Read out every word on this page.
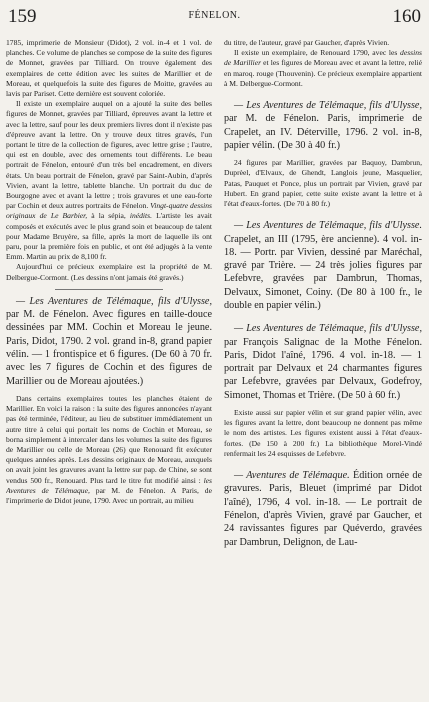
159	FÉNELON.	160

1785, imprimerie de Monsieur (Didot), 2 vol. in-4 et 1 vol. de planches. Ce volume de planches se compose de la suite des figures de Monnet, gravées par Tilliard. On trouve également des exemplaires de cette édition avec les suites de Marillier et de Moreau, et quelquefois la suite des figures de Moitte, gravées au lavis par Pariset. Cette dernière est souvent coloriée.

Il existe un exemplaire auquel on a ajouté la suite des belles figures de Monnet, gravées par Tilliard, épreuves avant la lettre et avec la lettre, sauf pour les deux premiers livres dont il n'existe pas d'épreuve avant la lettre. On y trouve deux titres gravés, l'un portant le titre de la collection de figures, avec lettre grise ; l'autre, qui est en double, avec des ornements tout différents. Le beau portrait de Fénelon, entouré d'un très bel encadrement, en divers états. Un beau portrait de Fénelon, gravé par Saint-Aubin, d'après Vivien, avant la lettre, tablette blanche. Un portrait du duc de Bourgogne avec et avant la lettre ; trois gravures et une eau-forte par Cochin et deux autres portraits de Fénelon. Vingt-quatre dessins originaux de Le Barbier, à la sépia, inédits. L'artiste les avait composés et exécutés avec le plus grand soin et beaucoup de talent pour Madame Bruyère, sa fille, après la mort de laquelle ils ont paru, pour la première fois en public, et ont été adjugés à la vente Emm. Martin au prix de 8,100 fr.

Aujourd'hui ce précieux exemplaire est la propriété de M. Delbergue-Cormont. (Les dessins n'ont jamais été gravés.)

— Les Aventures de Télémaque, fils d'Ulysse, par M. de Fénelon. Avec figures en taille-douce dessinées par MM. Cochin et Moreau le jeune. Paris, Didot, 1790. 2 vol. grand in-8, grand papier vélin. — 1 frontispice et 6 figures. (De 60 à 70 fr. avec les 7 figures de Cochin et des figures de Marillier ou de Moreau ajoutées.)

Dans certains exemplaires toutes les planches étaient de Marillier. En voici la raison : la suite des figures annoncées n'ayant pas été terminée, l'éditeur, au lieu de substituer immédiatement un autre titre à celui qui portait les noms de Cochin et Moreau, se borna simplement à intercaler dans les volumes la suite des figures de Marillier ou celle de Moreau (26) que Renouard fit exécuter quelques années après. Les dessins originaux de Moreau, auxquels on avait joint les gravures avant la lettre sur pap. de Chine, se sont vendus 500 fr., Renouard. Plus tard le titre fut modifié ainsi : les Aventures de Télémaque, par M. de Fénelon. A Paris, de l'imprimerie de Didot jeune, 1790. Avec un portrait, au milieu

du titre, de l'auteur, gravé par Gaucher, d'après Vivien.

Il existe un exemplaire, de Renouard 1790, avec les dessins de Marillier et les figures de Moreau avec et avant la lettre, relié en maroq. rouge (Thouvenin). Ce précieux exemplaire appartient à M. Delbergue-Cormont.

— Les Aventures de Télémaque, fils d'Ulysse, par M. de Fénelon. Paris, imprimerie de Crapelet, an IV. Déterville, 1796. 2 vol. in-8, papier vélin. (De 30 à 40 fr.)

24 figures par Marillier, gravées par Baquoy, Dambrun, Duprèel, d'Elvaux, de Ghendt, Langlois jeune, Masquelier, Patas, Pauquet et Ponce, plus un portrait par Vivien, gravé par Hubert. En grand papier, cette suite existe avant la lettre et à l'état d'eaux-fortes. (De 70 à 80 fr.)

— Les Aventures de Télémaque, fils d'Ulysse. Crapelet, an III (1795, ère ancienne). 4 vol. in-18. — Portr. par Vivien, dessiné par Maréchal, gravé par Trière. — 24 très jolies figures par Lefebvre, gravées par Dambrun, Thomas, Delvaux, Simonet, Coiny. (De 80 à 100 fr., le double en papier vélin.)

— Les Aventures de Télémaque, fils d'Ulysse, par François Salignac de la Mothe Fénelon. Paris, Didot l'aîné, 1796. 4 vol. in-18. — 1 portrait par Delvaux et 24 charmantes figures par Lefebvre, gravées par Delvaux, Godefroy, Simonet, Thomas et Trière. (De 50 à 60 fr.)

Existe aussi sur papier vélin et sur grand papier vélin, avec les figures avant la lettre, dont beaucoup ne donnent pas même le nom des artistes. Les figures existent aussi à l'état d'eaux-fortes. (De 150 à 200 fr.) La bibliothèque Morel-Vindé renfermait les 24 esquisses de Lefebvre.

— Aventures de Télémaque. Édition ornée de gravures. Paris, Bleuet (imprimé par Didot l'aîné), 1796, 4 vol. in-18. — Le portrait de Fénelon, d'après Vivien, gravé par Gaucher, et 24 ravissantes figures par Quéverdo, gravées par Dambrun, Delignon, de Lau-
